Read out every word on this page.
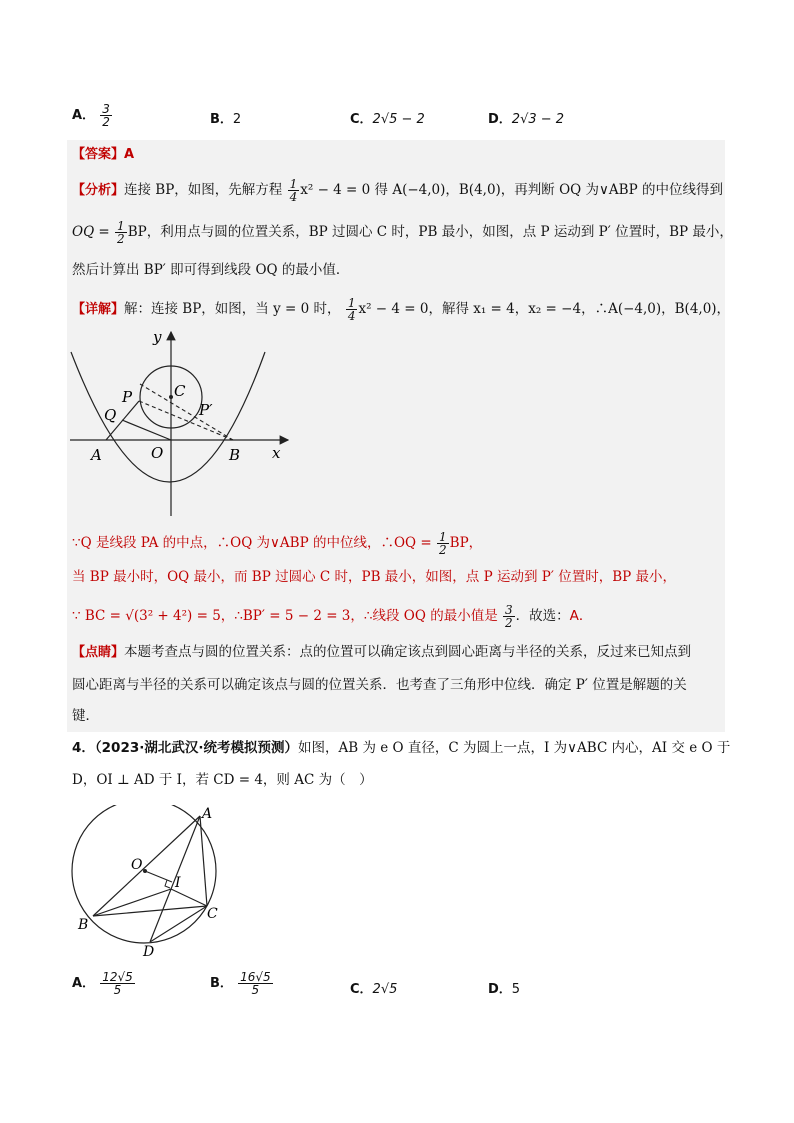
A． $\frac{3}{2}$	B．2	C．2√5 − 2	D．2√3 − 2
【答案】A
【分析】连接 BP，如图，先解方程 $\frac{1}{4} x^2 - 4 = 0$ 得 A(−4,0)，B(4,0)，再判断 OQ 为∨ABP 的中位线得到
OQ = $\frac{1}{2}$ BP，利用点与圆的位置关系，BP 过圆心 C 时，PB 最小，如图，点 P 运动到 P′ 位置时，BP 最小，
然后计算出 BP′ 即可得到线段 OQ 的最小值．
【详解】解：连接 BP，如图，当 y = 0 时， $\frac{1}{4} x^2 - 4 = 0$，解得 x₁ = 4，x₂ = −4，∴A(−4,0)，B(4,0)，
y
x
C
P
P′
Q
A	O	B
∵Q 是线段 PA 的中点，∴OQ 为∨ABP 的中位线，∴OQ = $\frac{1}{2}$ BP，
当 BP 最小时，OQ 最小，而 BP 过圆心 C 时，PB 最小，如图，点 P 运动到 P′ 位置时，BP 最小，
∵ BC = √(3² + 4²) = 5，∴BP′ = 5 − 2 = 3，∴线段 OQ 的最小值是 $\frac{3}{2}$ ．故选：A．
【点睛】本题考查点与圆的位置关系：点的位置可以确定该点到圆心距离与半径的关系，反过来已知点到
圆心距离与半径的关系可以确定该点与圆的位置关系．也考查了三角形中位线．确定 P′ 位置是解题的关
键．
4．（2023·湖北武汉·统考模拟预测）如图，AB 为 e O 直径，C 为圆上一点，I 为∨ABC 内心，AI 交 e O 于
D，OI ⊥ AD 于 I，若 CD = 4，则 AC 为（　）
A
O
I
B
C
D
A． $\frac{12√5}{5}$	B． $\frac{16√5}{5}$	C．2√5	D．5
